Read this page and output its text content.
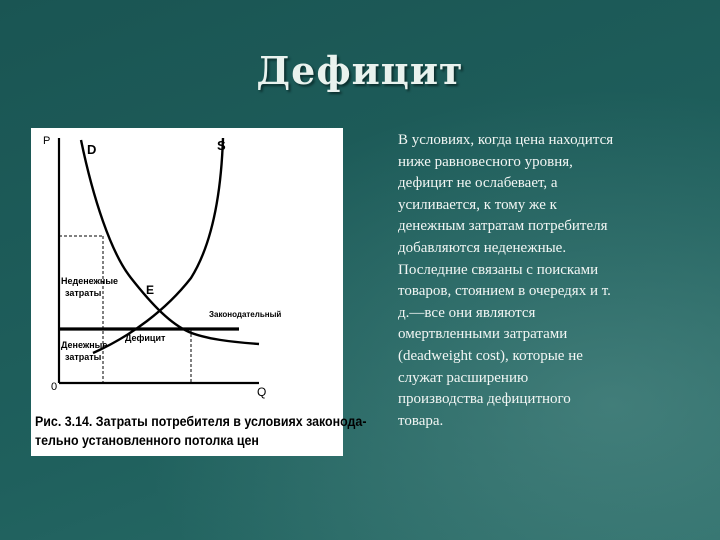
Дефицит
P
Q
0
D	S
E
Законодательный
Неденежные
затраты
Денежные
затраты
Дефицит
Рис. 3.14. Затраты потребителя в условиях законода-
тельно установленного потолка цен

В условиях, когда цена находится

ниже равновесного уровня,

дефицит не ослабевает, а

усиливается, к тому же к

денежным затратам потребителя

добавляются неденежные.

Последние связаны с поисками

товаров, стоянием в очередях и т.

д.—все они являются

омертвленными затратами

(deadweight cost), которые не

служат расширению

производства дефицитного

товара.
